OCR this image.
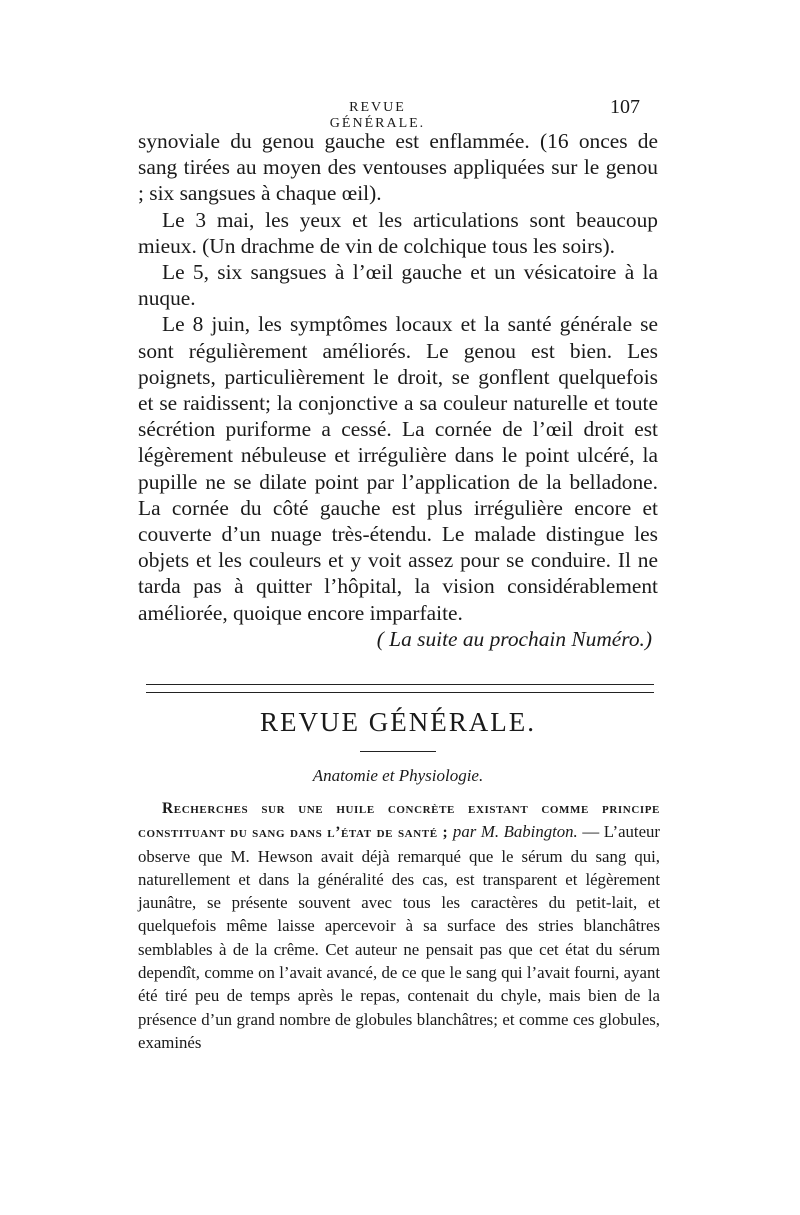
REVUE GÉNÉRALE.
107

synoviale du genou gauche est enflammée. (16 onces de sang tirées au moyen des ventouses appliquées sur le genou ; six sangsues à chaque œil).

Le 3 mai, les yeux et les articulations sont beaucoup mieux. (Un drachme de vin de colchique tous les soirs).

Le 5, six sangsues à l’œil gauche et un vésicatoire à la nuque.

Le 8 juin, les symptômes locaux et la santé générale se sont régulièrement améliorés. Le genou est bien. Les poignets, particulièrement le droit, se gonflent quelquefois et se raidissent; la conjonctive a sa couleur naturelle et toute sécrétion puriforme a cessé. La cornée de l’œil droit est légèrement nébuleuse et irrégulière dans le point ulcéré, la pupille ne se dilate point par l’application de la belladone. La cornée du côté gauche est plus irrégulière encore et couverte d’un nuage très-étendu. Le malade distingue les objets et les couleurs et y voit assez pour se conduire. Il ne tarda pas à quitter l’hôpital, la vision considérablement améliorée, quoique encore imparfaite.

( La suite au prochain Numéro.)

REVUE GÉNÉRALE.
Anatomie et Physiologie.

Recherches sur une huile concrète existant comme principe constituant du sang dans l’état de santé ; par M. Babington. — L’auteur observe que M. Hewson avait déjà remarqué que le sérum du sang qui, naturellement et dans la généralité des cas, est transparent et légèrement jaunâtre, se présente souvent avec tous les caractères du petit-lait, et quelquefois même laisse apercevoir à sa surface des stries blanchâtres semblables à de la crême. Cet auteur ne pensait pas que cet état du sérum dependît, comme on l’avait avancé, de ce que le sang qui l’avait fourni, ayant été tiré peu de temps après le repas, contenait du chyle, mais bien de la présence d’un grand nombre de globules blanchâtres; et comme ces globules, examinés
